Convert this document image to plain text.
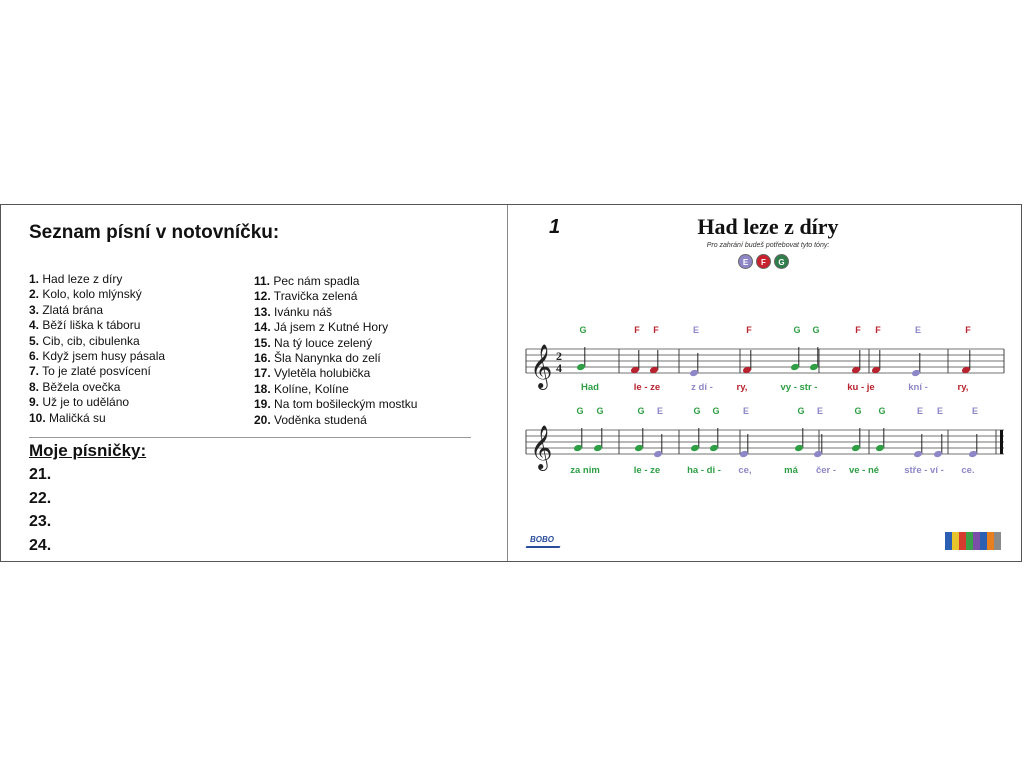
Seznam písní v notovníčku:
1. Had leze z díry
2. Kolo, kolo mlýnský
3. Zlatá brána
4. Běží liška k táboru
5. Cib, cib, cibulenka
6. Když jsem husy pásala
7. To je zlaté posvícení
8. Běžela ovečka
9. Už je to uděláno
10. Maličká su
11. Pec nám spadla
12. Travička zelená
13. Ivánku náš
14. Já jsem z Kutné Hory
15. Na tý louce zelený
16. Šla Nanynka do zelí
17. Vyletěla holubička
18. Kolíne, Kolíne
19. Na tom bošileckým mostku
20. Voděnka studená
Moje písničky:
21.
22.
23.
24.
1	Had leze z díry
Pro zahrání budeš potřebovat tyto tóny:
E	F	G
𝄞 2
4
G	F F	E	F	G G	F F	E	F
Had	le - ze	z dí - ry,	vy - str -	ku - je	kní -	ry,
𝄞
G G	G E	G G	E	G E	G G	E E	E
za nim	le - ze	ha - di - ce,	má čer - ve - né	stře - ví - ce.
BOBO
